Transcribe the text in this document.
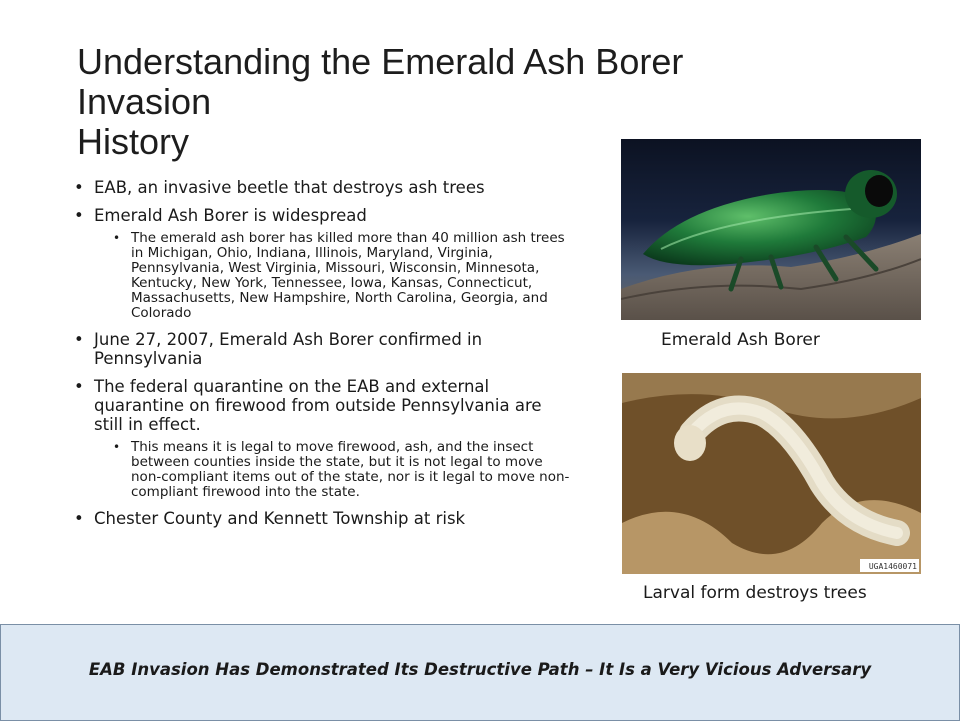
Understanding the Emerald Ash Borer
Invasion
History
• EAB, an invasive beetle that destroys ash trees
• Emerald Ash Borer is widespread
• The emerald ash borer has killed more than 40 million ash trees in Michigan, Ohio, Indiana, Illinois, Maryland, Virginia, Pennsylvania, West Virginia, Missouri, Wisconsin, Minnesota, Kentucky, New York, Tennessee, Iowa, Kansas, Connecticut, Massachusetts, New Hampshire, North Carolina, Georgia, and Colorado
• June 27, 2007, Emerald Ash Borer confirmed in Pennsylvania
• The federal quarantine on the EAB and external quarantine on firewood from outside Pennsylvania are still in effect.
• This means it is legal to move firewood, ash, and the insect between counties inside the state, but it is not legal to move non-compliant items out of the state, nor is it legal to move non-compliant firewood into the state.
• Chester County and Kennett Township at risk
Emerald Ash Borer
UGA1460071
Larval form destroys trees
EAB Invasion Has Demonstrated Its Destructive Path – It Is a Very Vicious Adversary
